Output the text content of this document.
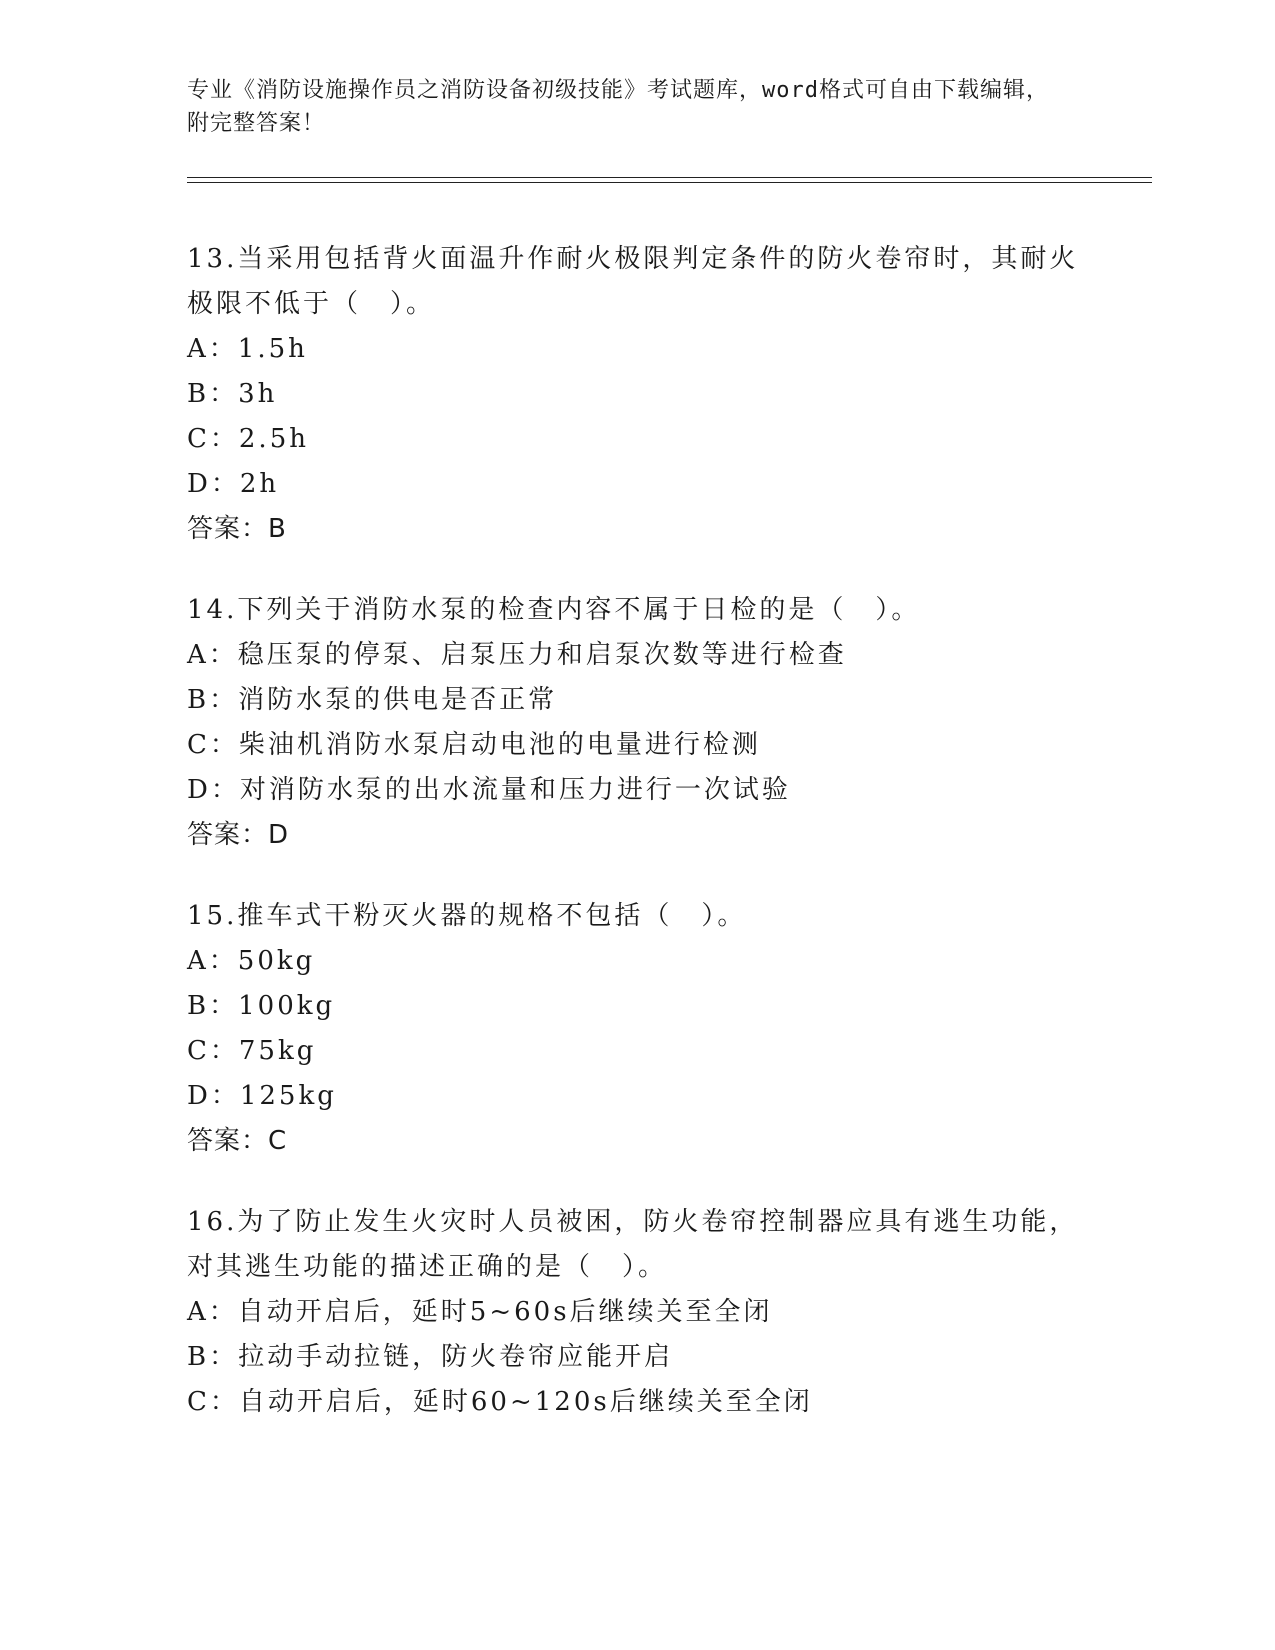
专业《消防设施操作员之消防设备初级技能》考试题库，word格式可自由下载编辑，附完整答案！

13.当采用包括背火面温升作耐火极限判定条件的防火卷帘时，其耐火极限不低于（　）。

A：1.5h

B：3h

C：2.5h

D：2h

答案：B

14.下列关于消防水泵的检查内容不属于日检的是（　）。

A：稳压泵的停泵、启泵压力和启泵次数等进行检查

B：消防水泵的供电是否正常

C：柴油机消防水泵启动电池的电量进行检测

D：对消防水泵的出水流量和压力进行一次试验

答案：D

15.推车式干粉灭火器的规格不包括（　）。

A：50kg

B：100kg

C：75kg

D：125kg

答案：C

16.为了防止发生火灾时人员被困，防火卷帘控制器应具有逃生功能，对其逃生功能的描述正确的是（　）。

A：自动开启后，延时5~60s后继续关至全闭

B：拉动手动拉链，防火卷帘应能开启

C：自动开启后，延时60~120s后继续关至全闭
